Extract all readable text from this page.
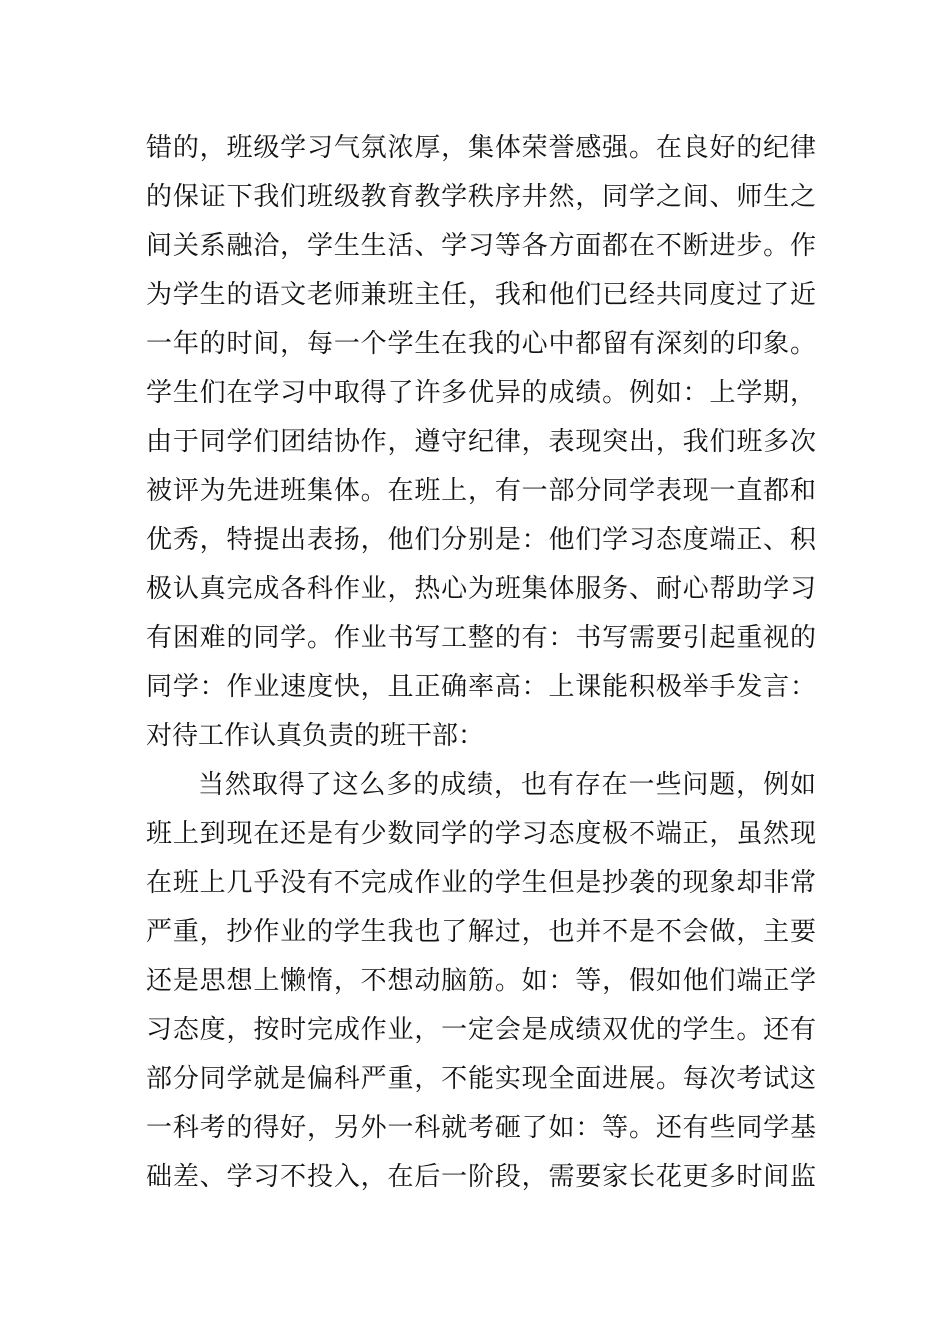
错的，班级学习气氛浓厚，集体荣誉感强。在良好的纪律
的保证下我们班级教育教学秩序井然，同学之间、师生之
间关系融洽，学生生活、学习等各方面都在不断进步。作
为学生的语文老师兼班主任，我和他们已经共同度过了近
一年的时间，每一个学生在我的心中都留有深刻的印象。
学生们在学习中取得了许多优异的成绩。例如：上学期，
由于同学们团结协作，遵守纪律，表现突出，我们班多次
被评为先进班集体。在班上，有一部分同学表现一直都和
优秀，特提出表扬，他们分别是：他们学习态度端正、积
极认真完成各科作业，热心为班集体服务、耐心帮助学习
有困难的同学。作业书写工整的有：书写需要引起重视的
同学：作业速度快，且正确率高：上课能积极举手发言：
对待工作认真负责的班干部：
当然取得了这么多的成绩，也有存在一些问题，例如
班上到现在还是有少数同学的学习态度极不端正，虽然现
在班上几乎没有不完成作业的学生但是抄袭的现象却非常
严重，抄作业的学生我也了解过，也并不是不会做，主要
还是思想上懒惰，不想动脑筋。如：等，假如他们端正学
习态度，按时完成作业，一定会是成绩双优的学生。还有
部分同学就是偏科严重，不能实现全面进展。每次考试这
一科考的得好，另外一科就考砸了如：等。还有些同学基
础差、学习不投入，在后一阶段，需要家长花更多时间监
